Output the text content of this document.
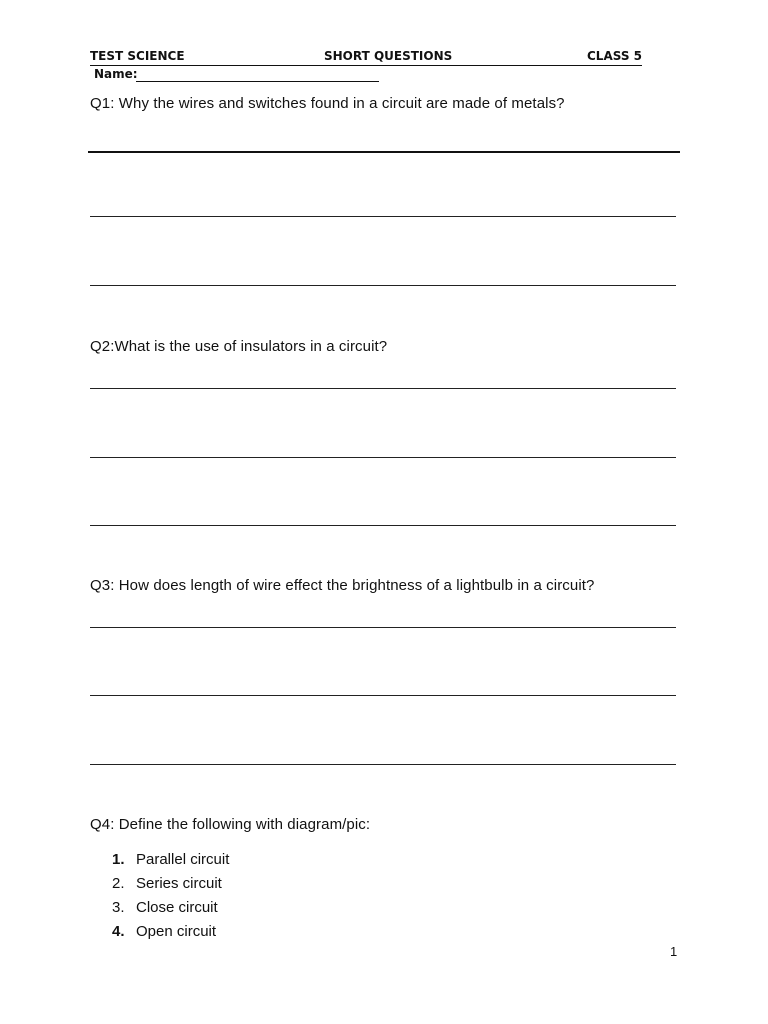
TEST SCIENCE	SHORT QUESTIONS	CLASS 5
Name:
Q1: Why the wires and switches found in a circuit are made of metals?
Q2:What is the use of insulators in a circuit?
Q3: How does length of wire effect the brightness of a lightbulb in a circuit?
Q4: Define the following with diagram/pic:
1. Parallel circuit
2. Series circuit
3. Close circuit
4. Open circuit
1
